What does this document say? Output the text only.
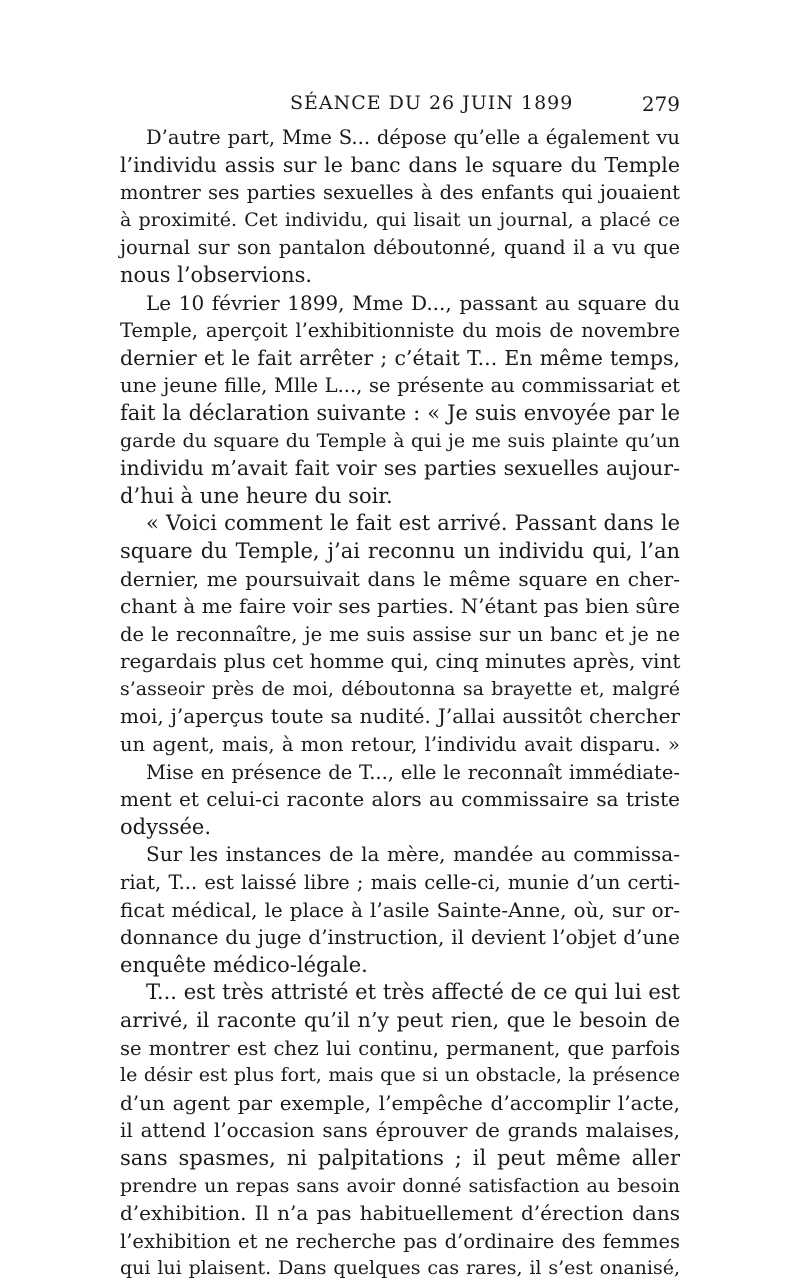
SÉANCE DU 26 JUIN 1899	279
D’autre part, Mme S... dépose qu’elle a également vu
l’individu assis sur le banc dans le square du Temple
montrer ses parties sexuelles à des enfants qui jouaient
à proximité. Cet individu, qui lisait un journal, a placé ce
journal sur son pantalon déboutonné, quand il a vu que
nous l’observions.
Le 10 février 1899, Mme D..., passant au square du
Temple, aperçoit l’exhibitionniste du mois de novembre
dernier et le fait arrêter ; c’était T... En même temps,
une jeune fille, Mlle L..., se présente au commissariat et
fait la déclaration suivante : « Je suis envoyée par le
garde du square du Temple à qui je me suis plainte qu’un
individu m’avait fait voir ses parties sexuelles aujour-
d’hui à une heure du soir.
« Voici comment le fait est arrivé. Passant dans le
square du Temple, j’ai reconnu un individu qui, l’an
dernier, me poursuivait dans le même square en cher-
chant à me faire voir ses parties. N’étant pas bien sûre
de le reconnaître, je me suis assise sur un banc et je ne
regardais plus cet homme qui, cinq minutes après, vint
s’asseoir près de moi, déboutonna sa brayette et, malgré
moi, j’aperçus toute sa nudité. J’allai aussitôt chercher
un agent, mais, à mon retour, l’individu avait disparu. »
Mise en présence de T..., elle le reconnaît immédiate-
ment et celui-ci raconte alors au commissaire sa triste
odyssée.
Sur les instances de la mère, mandée au commissa-
riat, T... est laissé libre ; mais celle-ci, munie d’un certi-
ficat médical, le place à l’asile Sainte-Anne, où, sur or-
donnance du juge d’instruction, il devient l’objet d’une
enquête médico-légale.
T... est très attristé et très affecté de ce qui lui est
arrivé, il raconte qu’il n’y peut rien, que le besoin de
se montrer est chez lui continu, permanent, que parfois
le désir est plus fort, mais que si un obstacle, la présence
d’un agent par exemple, l’empêche d’accomplir l’acte,
il attend l’occasion sans éprouver de grands malaises,
sans spasmes, ni palpitations ; il peut même aller
prendre un repas sans avoir donné satisfaction au besoin
d’exhibition. Il n’a pas habituellement d’érection dans
l’exhibition et ne recherche pas d’ordinaire des femmes
qui lui plaisent. Dans quelques cas rares, il s’est onanisé,
